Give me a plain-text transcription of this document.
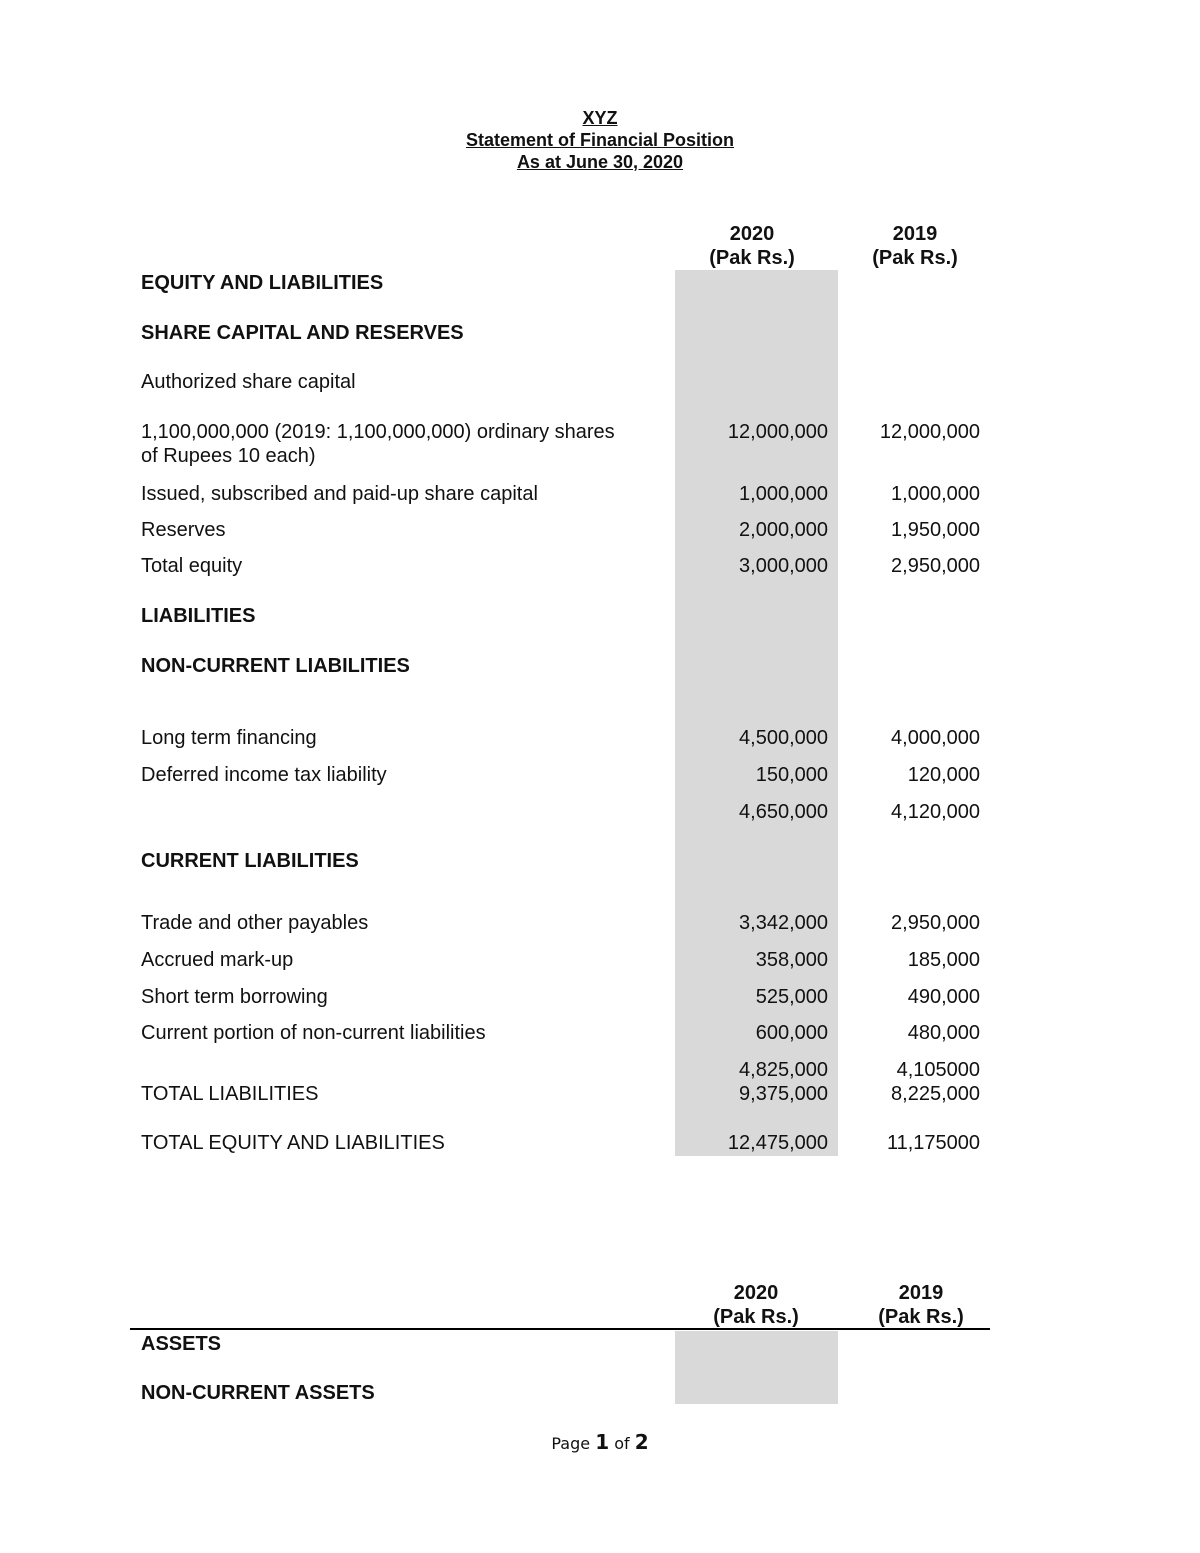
XYZ
Statement of Financial Position
As at June 30, 2020
2020
(Pak Rs.)
2019
(Pak Rs.)
EQUITY AND LIABILITIES
SHARE CAPITAL AND RESERVES
Authorized share capital
1,100,000,000 (2019: 1,100,000,000) ordinary shares
of Rupees 10 each)
12,000,000	12,000,000
Issued, subscribed and paid-up share capital	1,000,000	1,000,000
Reserves	2,000,000	1,950,000
Total equity	3,000,000	2,950,000
LIABILITIES
NON-CURRENT LIABILITIES
Long term financing	4,500,000	4,000,000
Deferred income tax liability	150,000	120,000
4,650,000	4,120,000
CURRENT LIABILITIES
Trade and other payables	3,342,000	2,950,000
Accrued mark-up	358,000	185,000
Short term borrowing	525,000	490,000
Current portion of non-current liabilities	600,000	480,000
4,825,000	4,105000
TOTAL LIABILITIES	9,375,000	8,225,000
TOTAL EQUITY AND LIABILITIES	12,475,000	11,175000
2020
(Pak Rs.)
2019
(Pak Rs.)
ASSETS
NON-CURRENT ASSETS
Page 1 of 2
